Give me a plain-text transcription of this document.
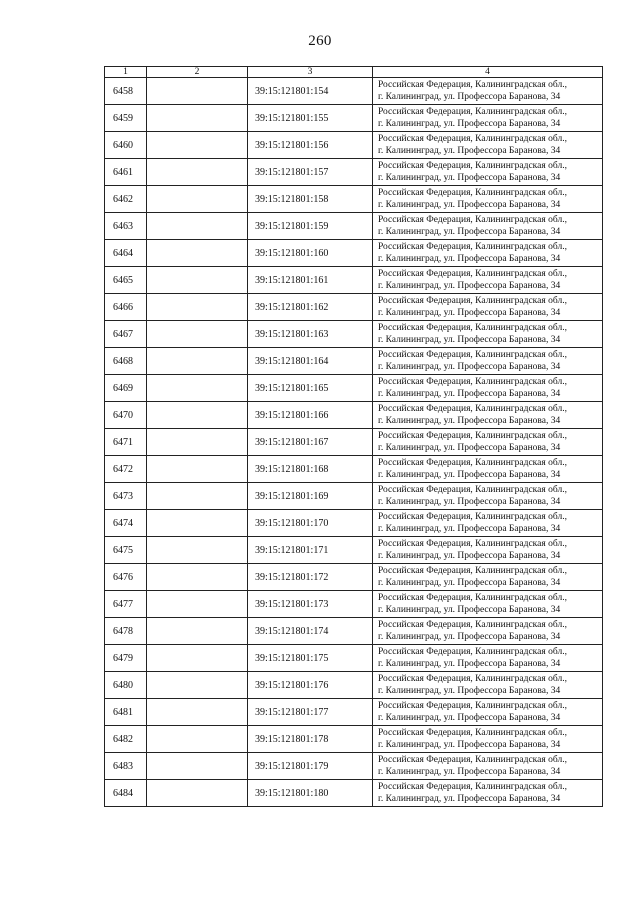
260
1	2	3	4
6458		39:15:121801:154	Российская Федерация, Калининградская обл.,
г. Калининград, ул. Профессора Баранова, 34

6459		39:15:121801:155	Российская Федерация, Калининградская обл.,
г. Калининград, ул. Профессора Баранова, 34

6460		39:15:121801:156	Российская Федерация, Калининградская обл.,
г. Калининград, ул. Профессора Баранова, 34

6461		39:15:121801:157	Российская Федерация, Калининградская обл.,
г. Калининград, ул. Профессора Баранова, 34

6462		39:15:121801:158	Российская Федерация, Калининградская обл.,
г. Калининград, ул. Профессора Баранова, 34

6463		39:15:121801:159	Российская Федерация, Калининградская обл.,
г. Калининград, ул. Профессора Баранова, 34

6464		39:15:121801:160	Российская Федерация, Калининградская обл.,
г. Калининград, ул. Профессора Баранова, 34

6465		39:15:121801:161	Российская Федерация, Калининградская обл.,
г. Калининград, ул. Профессора Баранова, 34

6466		39:15:121801:162	Российская Федерация, Калининградская обл.,
г. Калининград, ул. Профессора Баранова, 34

6467		39:15:121801:163	Российская Федерация, Калининградская обл.,
г. Калининград, ул. Профессора Баранова, 34

6468		39:15:121801:164	Российская Федерация, Калининградская обл.,
г. Калининград, ул. Профессора Баранова, 34

6469		39:15:121801:165	Российская Федерация, Калининградская обл.,
г. Калининград, ул. Профессора Баранова, 34

6470		39:15:121801:166	Российская Федерация, Калининградская обл.,
г. Калининград, ул. Профессора Баранова, 34

6471		39:15:121801:167	Российская Федерация, Калининградская обл.,
г. Калининград, ул. Профессора Баранова, 34

6472		39:15:121801:168	Российская Федерация, Калининградская обл.,
г. Калининград, ул. Профессора Баранова, 34

6473		39:15:121801:169	Российская Федерация, Калининградская обл.,
г. Калининград, ул. Профессора Баранова, 34

6474		39:15:121801:170	Российская Федерация, Калининградская обл.,
г. Калининград, ул. Профессора Баранова, 34

6475		39:15:121801:171	Российская Федерация, Калининградская обл.,
г. Калининград, ул. Профессора Баранова, 34

6476		39:15:121801:172	Российская Федерация, Калининградская обл.,
г. Калининград, ул. Профессора Баранова, 34

6477		39:15:121801:173	Российская Федерация, Калининградская обл.,
г. Калининград, ул. Профессора Баранова, 34

6478		39:15:121801:174	Российская Федерация, Калининградская обл.,
г. Калининград, ул. Профессора Баранова, 34

6479		39:15:121801:175	Российская Федерация, Калининградская обл.,
г. Калининград, ул. Профессора Баранова, 34

6480		39:15:121801:176	Российская Федерация, Калининградская обл.,
г. Калининград, ул. Профессора Баранова, 34

6481		39:15:121801:177	Российская Федерация, Калининградская обл.,
г. Калининград, ул. Профессора Баранова, 34

6482		39:15:121801:178	Российская Федерация, Калининградская обл.,
г. Калининград, ул. Профессора Баранова, 34

6483		39:15:121801:179	Российская Федерация, Калининградская обл.,
г. Калининград, ул. Профессора Баранова, 34

6484		39:15:121801:180	Российская Федерация, Калининградская обл.,
г. Калининград, ул. Профессора Баранова, 34
